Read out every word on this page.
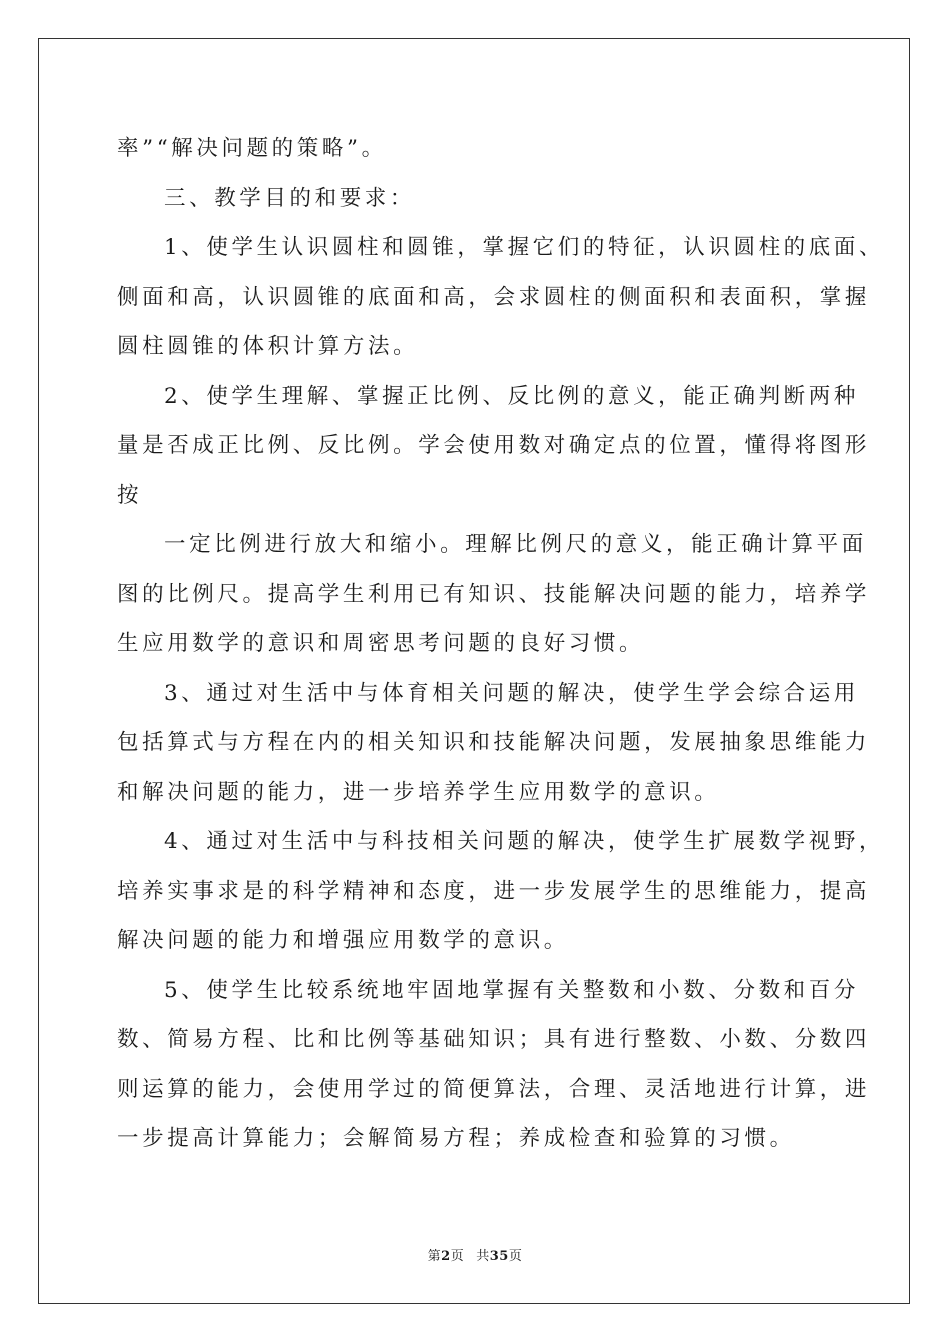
率”“解决问题的策略”。
三、教学目的和要求：
1、使学生认识圆柱和圆锥，掌握它们的特征，认识圆柱的底面、
侧面和高，认识圆锥的底面和高，会求圆柱的侧面积和表面积，掌握
圆柱圆锥的体积计算方法。
2、使学生理解、掌握正比例、反比例的意义，能正确判断两种
量是否成正比例、反比例。学会使用数对确定点的位置，懂得将图形
按
一定比例进行放大和缩小。理解比例尺的意义，能正确计算平面
图的比例尺。提高学生利用已有知识、技能解决问题的能力，培养学
生应用数学的意识和周密思考问题的良好习惯。
3、通过对生活中与体育相关问题的解决，使学生学会综合运用
包括算式与方程在内的相关知识和技能解决问题，发展抽象思维能力
和解决问题的能力，进一步培养学生应用数学的意识。
4、通过对生活中与科技相关问题的解决，使学生扩展数学视野，
培养实事求是的科学精神和态度，进一步发展学生的思维能力，提高
解决问题的能力和增强应用数学的意识。
5、使学生比较系统地牢固地掌握有关整数和小数、分数和百分
数、简易方程、比和比例等基础知识；具有进行整数、小数、分数四
则运算的能力，会使用学过的简便算法，合理、灵活地进行计算，进
一步提高计算能力；会解简易方程；养成检查和验算的习惯。
第2页 共35页
